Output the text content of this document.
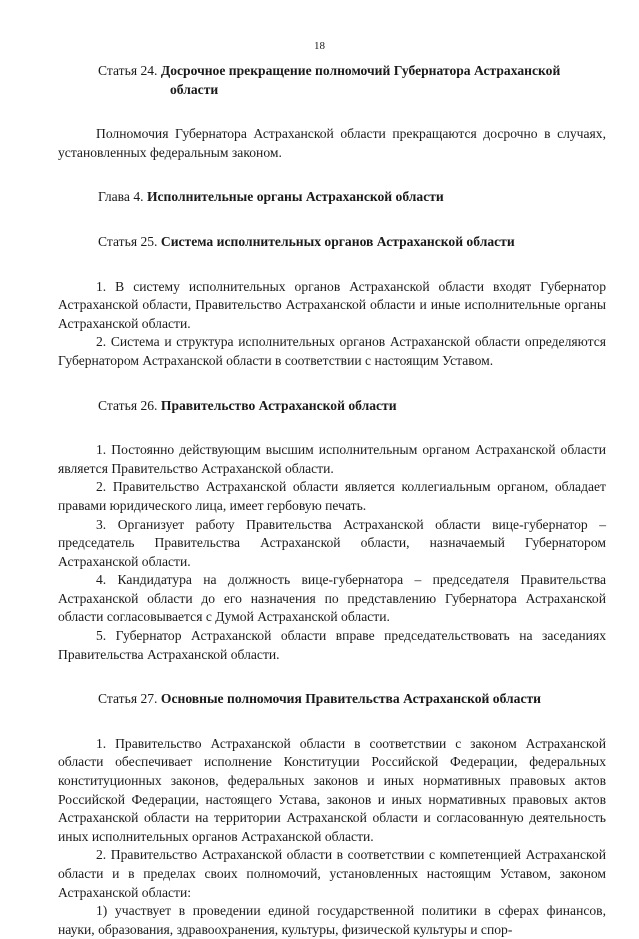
18
Статья 24. Досрочное прекращение полномочий Губернатора Астраханской
области

Полномочия Губернатора Астраханской области прекращаются досрочно в случаях, установленных федеральным законом.

Глава 4. Исполнительные органы Астраханской области
Статья 25. Система исполнительных органов Астраханской области

1. В систему исполнительных органов Астраханской области входят Губернатор Астраханской области, Правительство Астраханской области и иные исполнительные органы Астраханской области.

2. Система и структура исполнительных органов Астраханской области определяются Губернатором Астраханской области в соответствии с настоящим Уставом.

Статья 26. Правительство Астраханской области

1. Постоянно действующим высшим исполнительным органом Астраханской области является Правительство Астраханской области.

2. Правительство Астраханской области является коллегиальным органом, обладает правами юридического лица, имеет гербовую печать.

3. Организует работу Правительства Астраханской области вице-губернатор – председатель Правительства Астраханской области, назначаемый Губернатором Астраханской области.

4. Кандидатура на должность вице-губернатора – председателя Правительства Астраханской области до его назначения по представлению Губернатора Астраханской области согласовывается с Думой Астраханской области.

5. Губернатор Астраханской области вправе председательствовать на заседаниях Правительства Астраханской области.

Статья 27. Основные полномочия Правительства Астраханской области

1. Правительство Астраханской области в соответствии с законом Астраханской области обеспечивает исполнение Конституции Российской Федерации, федеральных конституционных законов, федеральных законов и иных нормативных правовых актов Российской Федерации, настоящего Устава, законов и иных нормативных правовых актов Астраханской области на территории Астраханской области и согласованную деятельность иных исполнительных органов Астраханской области.

2. Правительство Астраханской области в соответствии с компетенцией Астраханской области и в пределах своих полномочий, установленных настоящим Уставом, законом Астраханской области:

1) участвует в проведении единой государственной политики в сферах финансов, науки, образования, здравоохранения, культуры, физической культуры и спор-
